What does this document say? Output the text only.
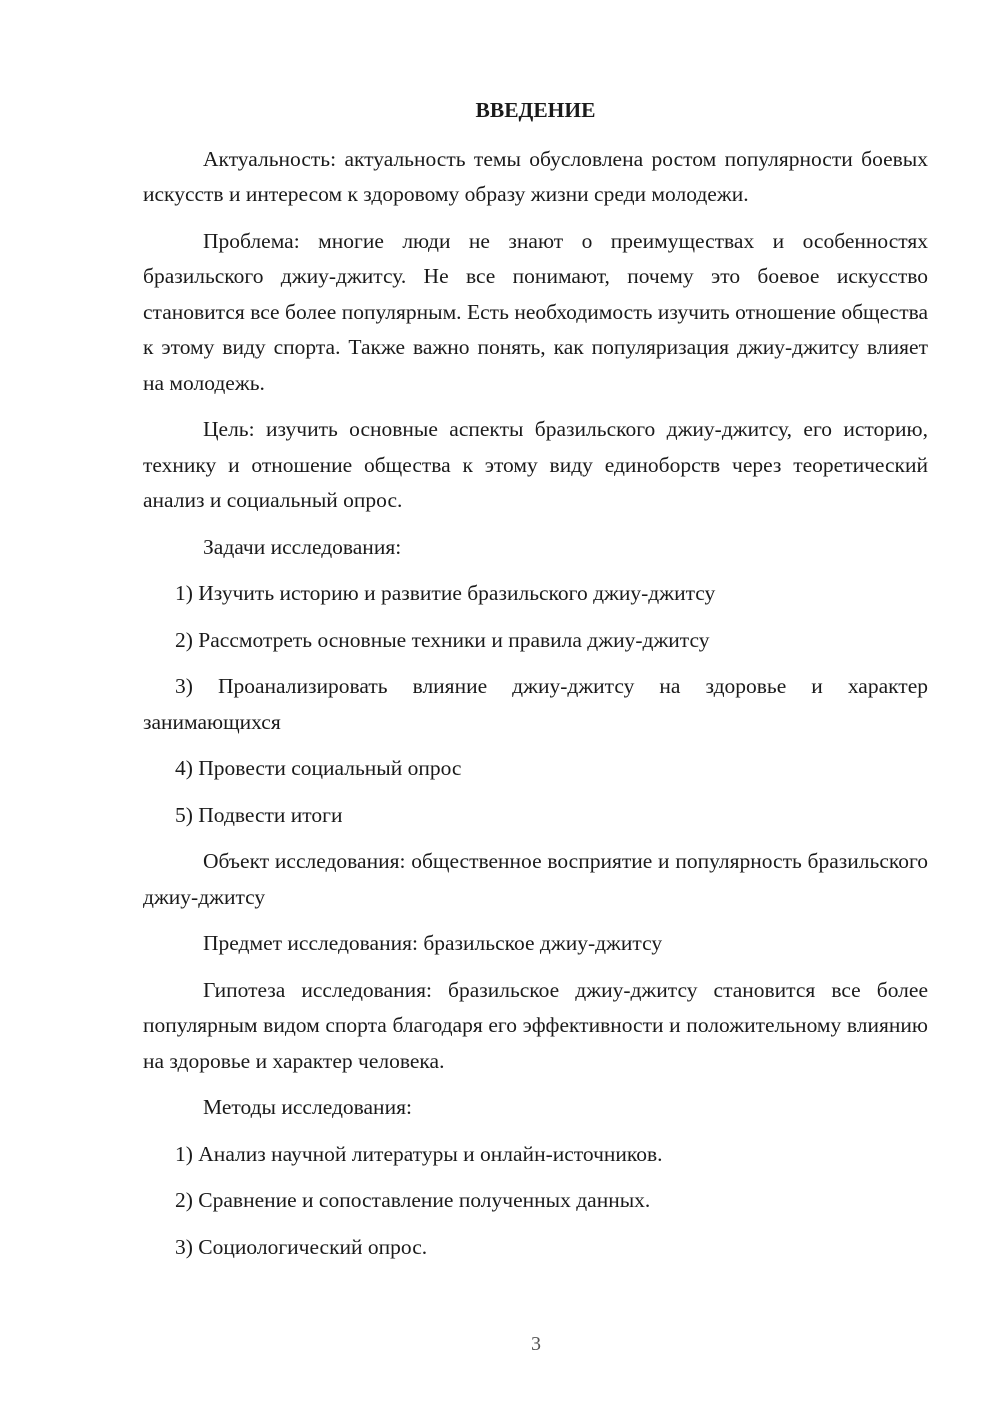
ВВЕДЕНИЕ

Актуальность: актуальность темы обусловлена ростом популярности боевых искусств и интересом к здоровому образу жизни среди молодежи.

Проблема: многие люди не знают о преимуществах и особенностях бразильского джиу-джитсу. Не все понимают, почему это боевое искусство становится все более популярным. Есть необходимость изучить отношение общества к этому виду спорта. Также важно понять, как популяризация джиу-джитсу влияет на молодежь.

Цель: изучить основные аспекты бразильского джиу-джитсу, его историю, технику и отношение общества к этому виду единоборств через теоретический анализ и социальный опрос.

Задачи исследования:

1) Изучить историю и развитие бразильского джиу-джитсу

2) Рассмотреть основные техники и правила джиу-джитсу

3) Проанализировать влияние джиу-джитсу на здоровье и характер занимающихся

4) Провести социальный опрос

5) Подвести итоги

Объект исследования: общественное восприятие и популярность бразильского джиу-джитсу

Предмет исследования: бразильское джиу-джитсу

Гипотеза исследования: бразильское джиу-джитсу становится все более популярным видом спорта благодаря его эффективности и положительному влиянию на здоровье и характер человека.

Методы исследования:

1) Анализ научной литературы и онлайн-источников.

2) Сравнение и сопоставление полученных данных.

3) Социологический опрос.

3
